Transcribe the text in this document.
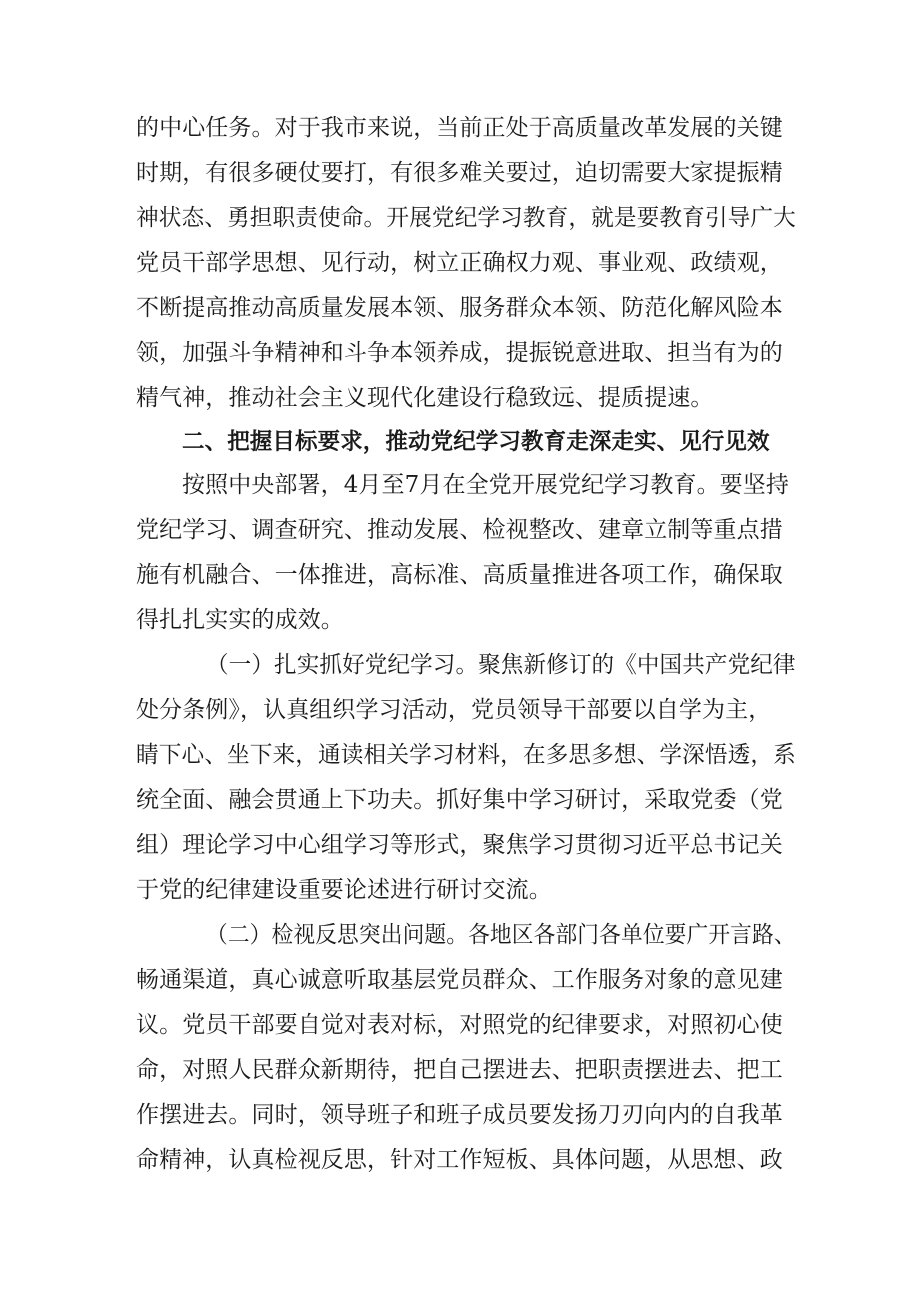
的中心任务。对于我市来说，当前正处于高质量改革发展的关键
时期，有很多硬仗要打，有很多难关要过，迫切需要大家提振精
神状态、勇担职责使命。开展党纪学习教育，就是要教育引导广大
党员干部学思想、见行动，树立正确权力观、事业观、政绩观，
不断提高推动高质量发展本领、服务群众本领、防范化解风险本
领，加强斗争精神和斗争本领养成，提振锐意进取、担当有为的
精气神，推动社会主义现代化建设行稳致远、提质提速。
二、把握目标要求，推动党纪学习教育走深走实、见行见效
按照中央部署，4月至7月在全党开展党纪学习教育。要坚持
党纪学习、调查研究、推动发展、检视整改、建章立制等重点措
施有机融合、一体推进，高标准、高质量推进各项工作，确保取
得扎扎实实的成效。
（一）扎实抓好党纪学习。聚焦新修订的《中国共产党纪律
处分条例》，认真组织学习活动，党员领导干部要以自学为主，
睛下心、坐下来，通读相关学习材料，在多思多想、学深悟透，系
统全面、融会贯通上下功夫。抓好集中学习研讨，采取党委（党
组）理论学习中心组学习等形式，聚焦学习贯彻习近平总书记关
于党的纪律建设重要论述进行研讨交流。
（二）检视反思突出问题。各地区各部门各单位要广开言路、
畅通渠道，真心诚意听取基层党员群众、工作服务对象的意见建
议。党员干部要自觉对表对标，对照党的纪律要求，对照初心使
命，对照人民群众新期待，把自己摆进去、把职责摆进去、把工
作摆进去。同时，领导班子和班子成员要发扬刀刃向内的自我革
命精神，认真检视反思，针对工作短板、具体问题，从思想、政
